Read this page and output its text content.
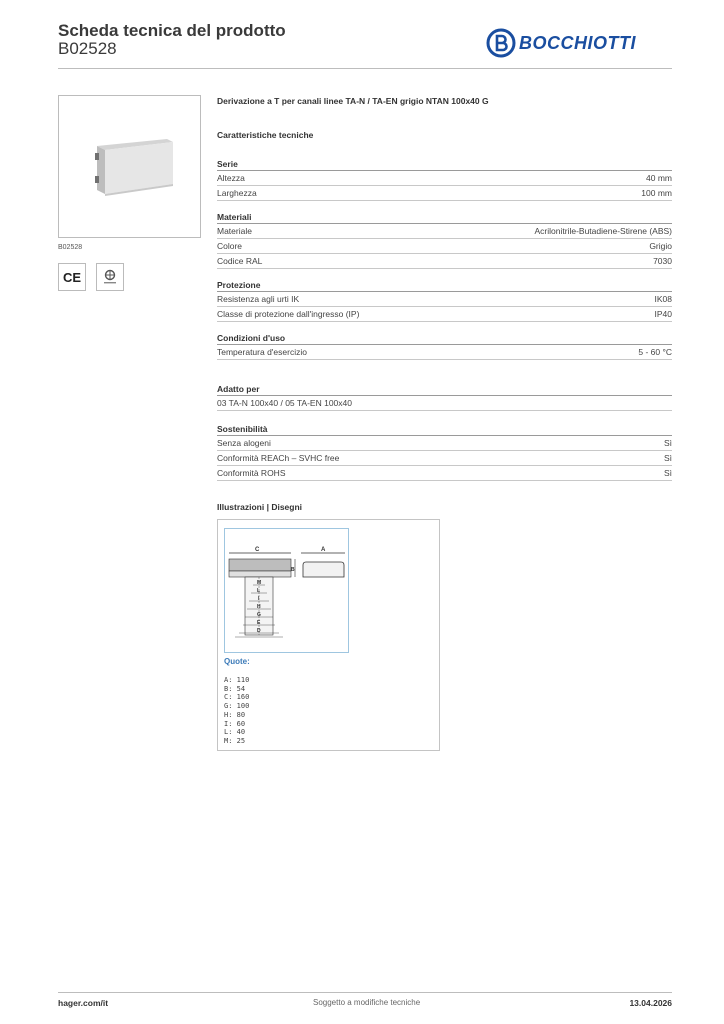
Scheda tecnica del prodotto
B02528	BOCCHIOTTI
B02528
CE
Derivazione a T per canali linee TA-N / TA-EN grigio NTAN 100x40 G
Caratteristiche tecniche
Serie
Altezza	40 mm
Larghezza	100 mm
Materiali
Materiale	Acrilonitrile-Butadiene-Stirene (ABS)
Colore	Grigio
Codice RAL	7030
Protezione
Resistenza agli urti IK	IK08
Classe di protezione dall'ingresso (IP)	IP40
Condizioni d'uso
Temperatura d'esercizio	5 - 60 °C
Adatto per
03 TA-N 100x40 / 05 TA-EN 100x40
Sostenibilità
Senza alogeni	Sì
Conformità REACh – SVHC free	Sì
Conformità ROHS	Sì
Illustrazioni | Disegni
C
B
A
M
L
I
H
G
E
D
Quote:
A: 110
B: 54
C: 160
G: 100
H: 80
I: 60
L: 40
M: 25
hager.com/it	Soggetto a modifiche tecniche	13.04.2026
